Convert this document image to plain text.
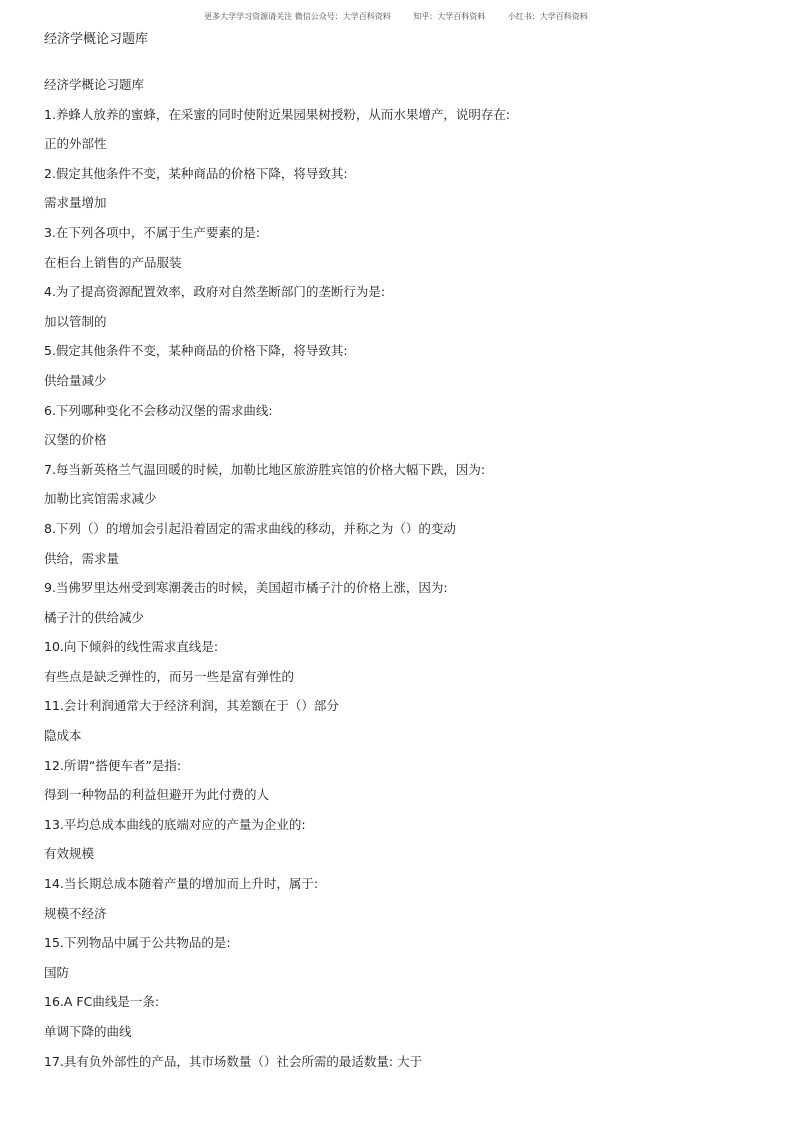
更多大学学习资源请关注 微信公众号：大学百科资料	知乎：大学百科资料	小红书：大学百科资料
经济学概论习题库
经济学概论习题库
1.养蜂人放养的蜜蜂，在采蜜的同时使附近果园果树授粉，从而水果增产，说明存在:
正的外部性
2.假定其他条件不变，某种商品的价格下降，将导致其:
需求量增加
3.在下列各项中，不属于生产要素的是:
在柜台上销售的产品服装
4.为了提高资源配置效率，政府对自然垄断部门的垄断行为是:
加以管制的
5.假定其他条件不变，某种商品的价格下降，将导致其:
供给量减少
6.下列哪种变化不会移动汉堡的需求曲线:
汉堡的价格
7.每当新英格兰气温回暖的时候，加勒比地区旅游胜宾馆的价格大幅下跌，因为:
加勒比宾馆需求减少
8.下列（）的增加会引起沿着固定的需求曲线的移动，并称之为（）的变动
供给，需求量
9.当佛罗里达州受到寒潮袭击的时候，美国超市橘子汁的价格上涨，因为:
橘子汁的供给减少
10.向下倾斜的线性需求直线是:
有些点是缺乏弹性的，而另一些是富有弹性的
11.会计利润通常大于经济利润，其差额在于（）部分
隐成本
12.所谓“搭便车者”是指:
得到一种物品的利益但避开为此付费的人
13.平均总成本曲线的底端对应的产量为企业的:
有效规模
14.当长期总成本随着产量的增加而上升时，属于:
规模不经济
15.下列物品中属于公共物品的是:
国防
16.A FC曲线是一条:
单调下降的曲线
17.具有负外部性的产品，其市场数量（）社会所需的最适数量: 大于
